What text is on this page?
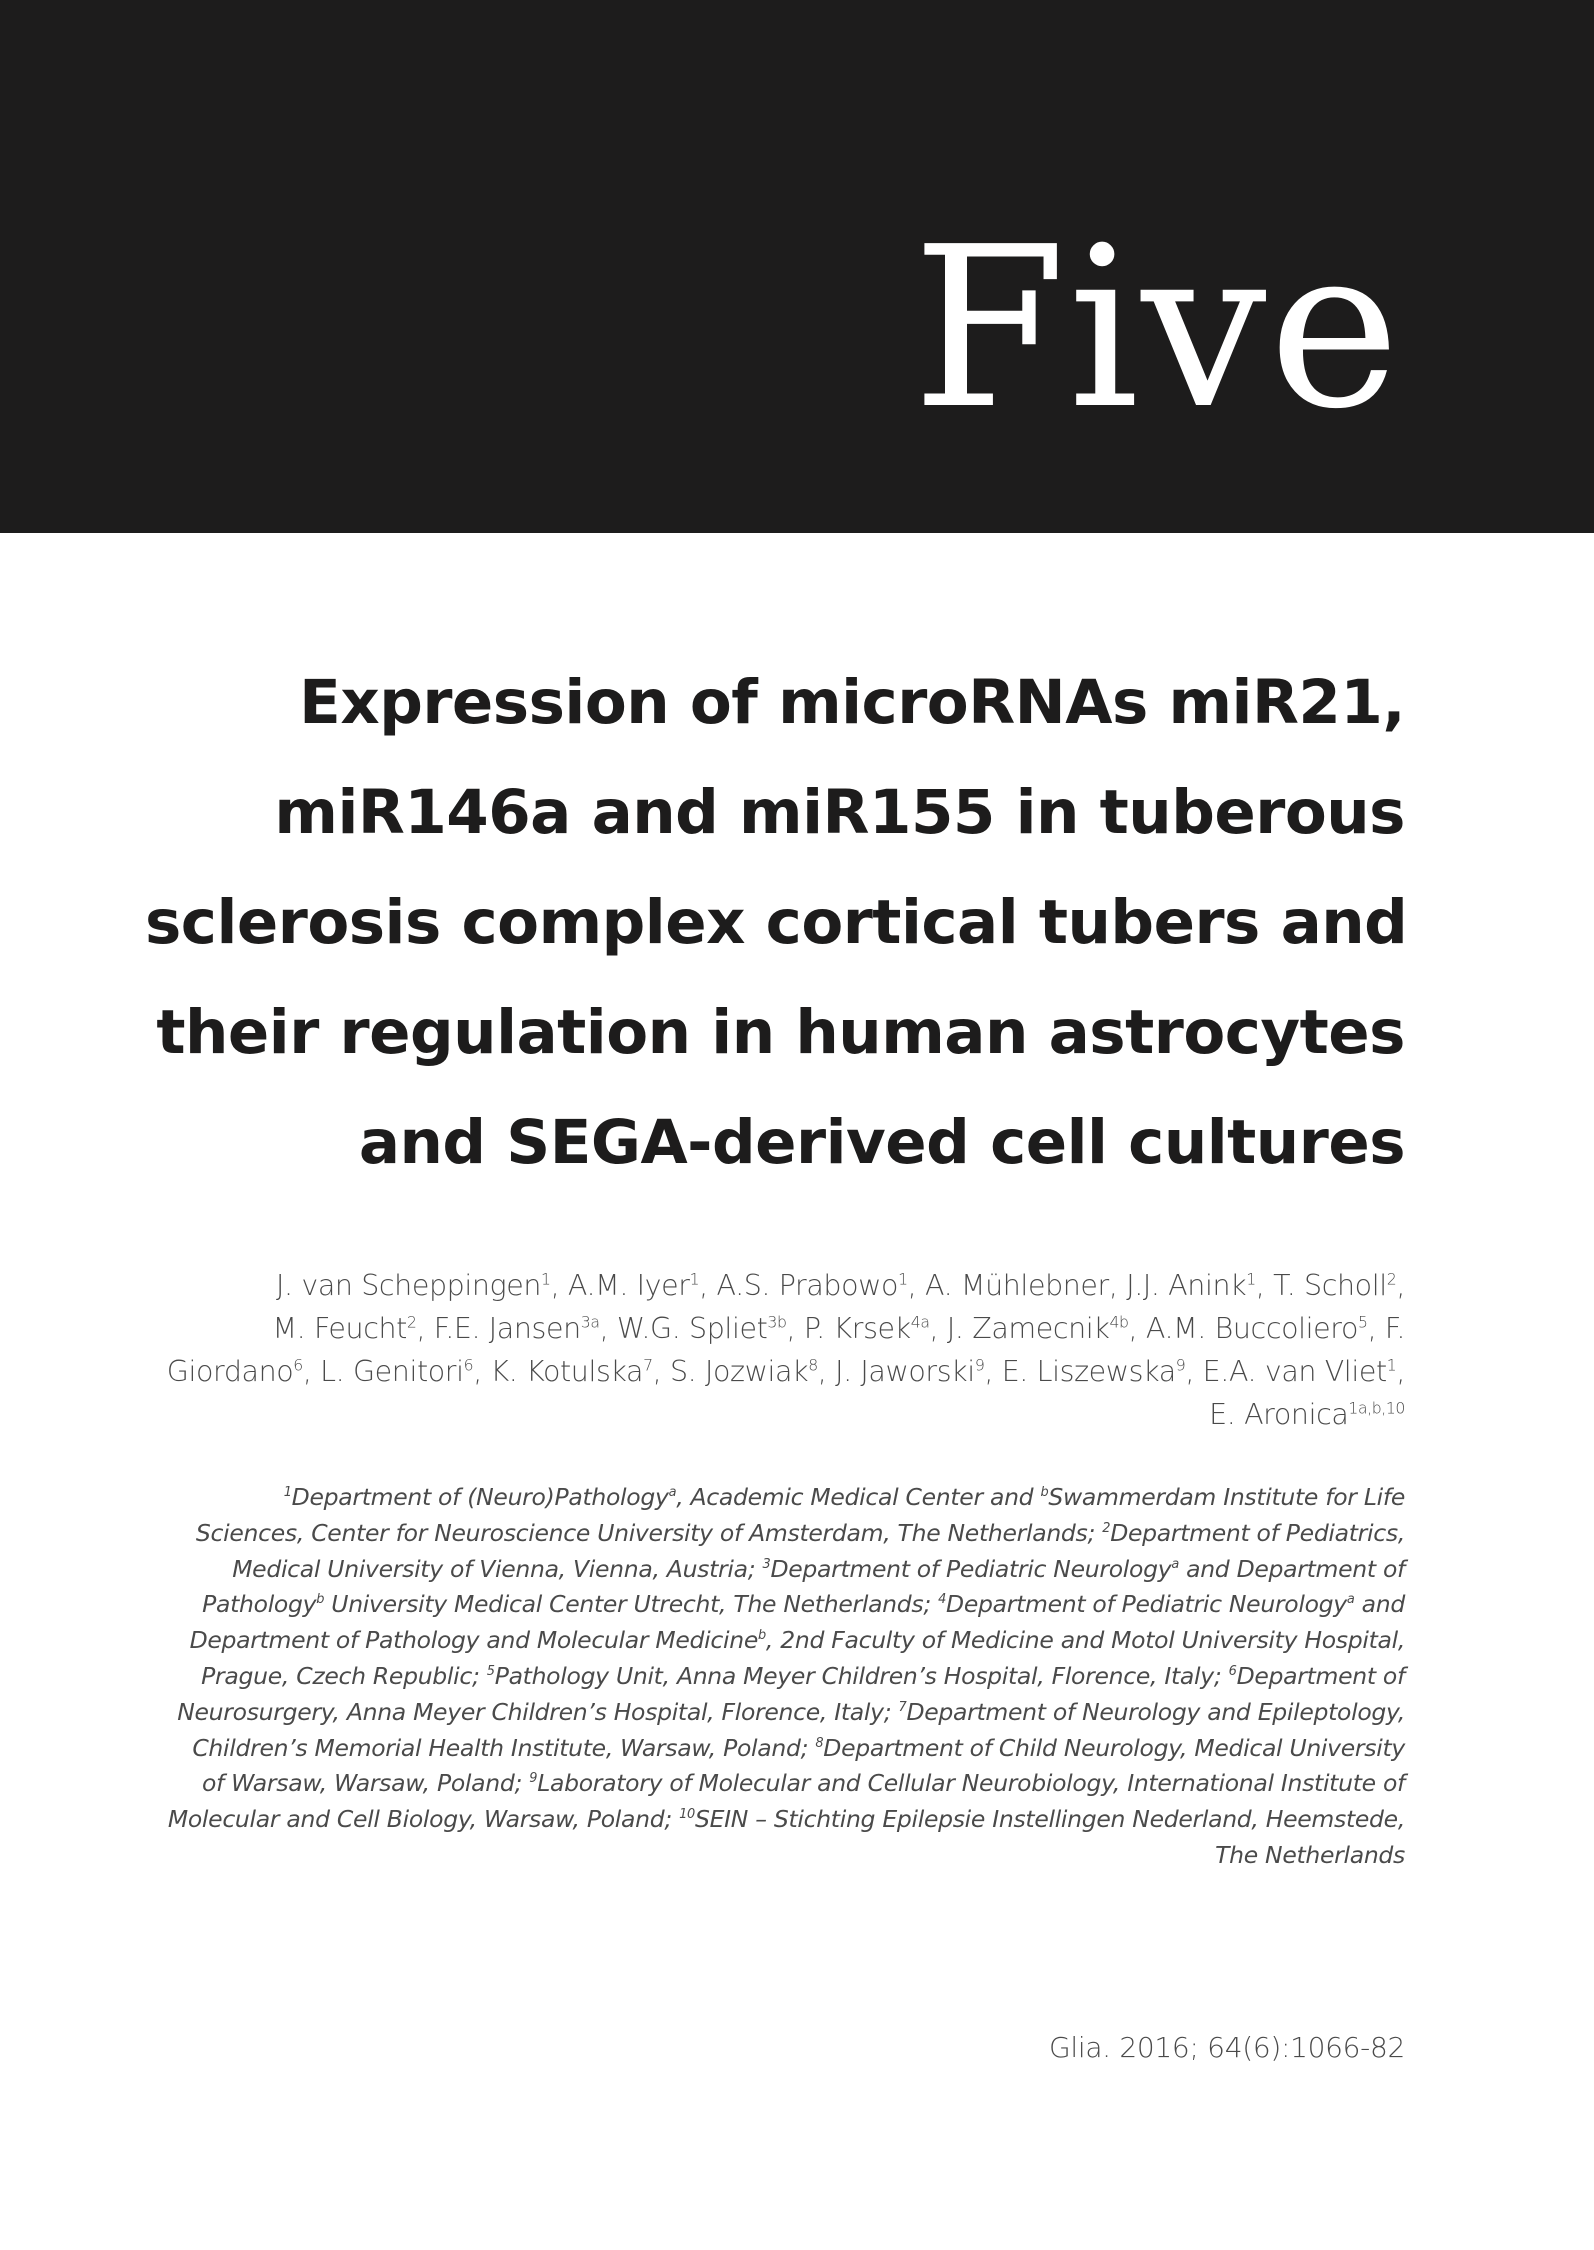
Five
Expression of microRNAs miR21,
miR146a and miR155 in tuberous
sclerosis complex cortical tubers and
their regulation in human astrocytes
and SEGA-derived cell cultures
J. van Scheppingen$^1$, A.M. Iyer$^1$, A.S. Prabowo$^1$, A. Mühlebner, J.J. Anink$^1$, T. Scholl$^2$,
M. Feucht$^2$, F.E. Jansen$^{3a}$, W.G. Spliet$^{3b}$, P. Krsek$^{4a}$, J. Zamecnik$^{4b}$, A.M. Buccoliero$^5$, F.
Giordano$^6$, L. Genitori$^6$, K. Kotulska$^7$, S. Jozwiak$^8$, J. Jaworski$^9$, E. Liszewska$^9$, E.A. van Vliet$^1$,
E. Aronica$^{1a,b,10}$
$^1$Department of (Neuro)Pathology$^a$, Academic Medical Center and $^b$Swammerdam Institute for Life
Sciences, Center for Neuroscience University of Amsterdam, The Netherlands; $^2$Department of Pediatrics,
Medical University of Vienna, Vienna, Austria; $^3$Department of Pediatric Neurology$^a$ and Department of
Pathology$^b$ University Medical Center Utrecht, The Netherlands; $^4$Department of Pediatric Neurology$^a$ and
Department of Pathology and Molecular Medicine$^b$, 2nd Faculty of Medicine and Motol University Hospital,
Prague, Czech Republic; $^5$Pathology Unit, Anna Meyer Children’s Hospital, Florence, Italy; $^6$Department of
Neurosurgery, Anna Meyer Children’s Hospital, Florence, Italy; $^7$Department of Neurology and Epileptology,
Children’s Memorial Health Institute, Warsaw, Poland; $^8$Department of Child Neurology, Medical University
of Warsaw, Warsaw, Poland; $^9$Laboratory of Molecular and Cellular Neurobiology, International Institute of
Molecular and Cell Biology, Warsaw, Poland; $^{10}$SEIN – Stichting Epilepsie Instellingen Nederland, Heemstede,
The Netherlands
Glia. 2016; 64(6):1066-82
